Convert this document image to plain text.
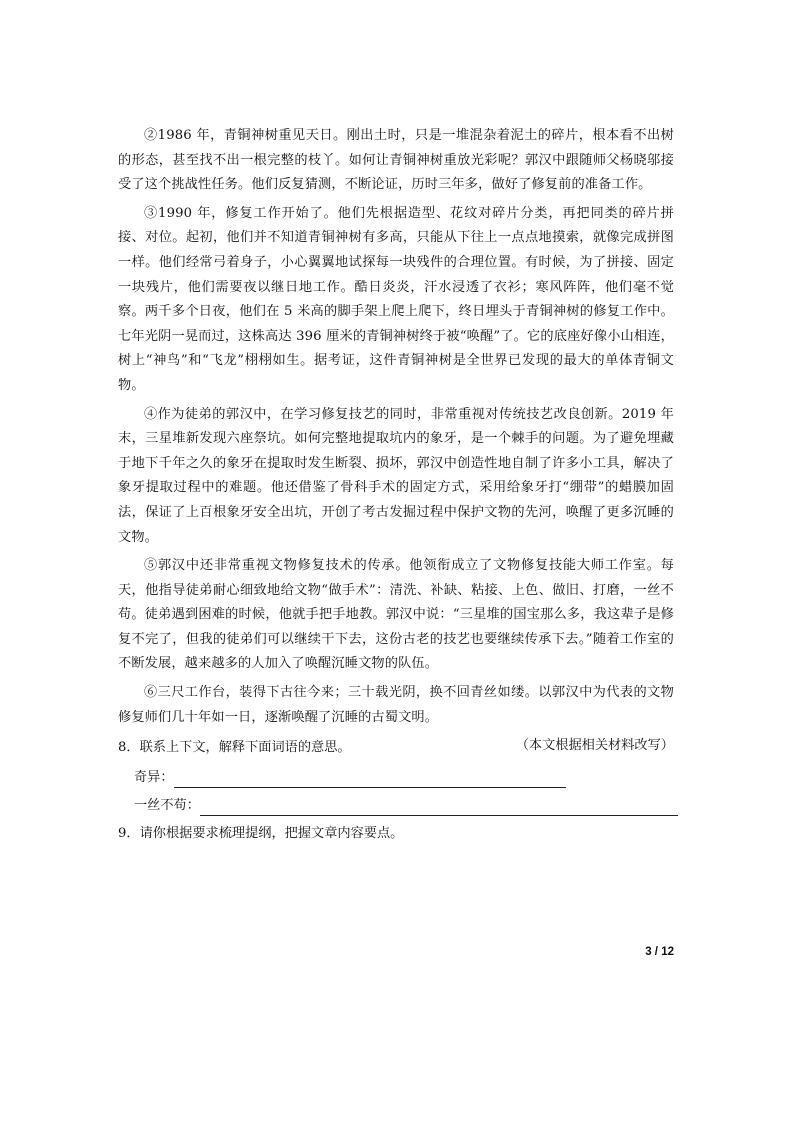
②1986 年，青铜神树重见天日。刚出土时，只是一堆混杂着泥土的碎片，根本看不出树的形态，甚至找不出一根完整的枝丫。如何让青铜神树重放光彩呢？郭汉中跟随师父杨晓邬接受了这个挑战性任务。他们反复猜测，不断论证，历时三年多，做好了修复前的准备工作。

③1990 年，修复工作开始了。他们先根据造型、花纹对碎片分类，再把同类的碎片拼接、对位。起初，他们并不知道青铜神树有多高，只能从下往上一点点地摸索，就像完成拼图一样。他们经常弓着身子，小心翼翼地试探每一块残件的合理位置。有时候，为了拼接、固定一块残片，他们需要夜以继日地工作。酷日炎炎，汗水浸透了衣衫；寒风阵阵，他们毫不觉察。两千多个日夜，他们在 5 米高的脚手架上爬上爬下，终日埋头于青铜神树的修复工作中。七年光阴一晃而过，这株高达 396 厘米的青铜神树终于被“唤醒”了。它的底座好像小山相连，树上“神鸟”和“飞龙”栩栩如生。据考证，这件青铜神树是全世界已发现的最大的单体青铜文物。

④作为徒弟的郭汉中，在学习修复技艺的同时，非常重视对传统技艺改良创新。2019 年末，三星堆新发现六座祭坑。如何完整地提取坑内的象牙，是一个棘手的问题。为了避免埋藏于地下千年之久的象牙在提取时发生断裂、损坏，郭汉中创造性地自制了许多小工具，解决了象牙提取过程中的难题。他还借鉴了骨科手术的固定方式，采用给象牙打“绷带”的蜡膜加固法，保证了上百根象牙安全出坑，开创了考古发掘过程中保护文物的先河，唤醒了更多沉睡的文物。

⑤郭汉中还非常重视文物修复技术的传承。他领衔成立了文物修复技能大师工作室。每天，他指导徒弟耐心细致地给文物“做手术”：清洗、补缺、粘接、上色、做旧、打磨，一丝不苟。徒弟遇到困难的时候，他就手把手地教。郭汉中说：“三星堆的国宝那么多，我这辈子是修复不完了，但我的徒弟们可以继续干下去，这份古老的技艺也要继续传承下去。”随着工作室的不断发展，越来越多的人加入了唤醒沉睡文物的队伍。

⑥三尺工作台，装得下古往今来；三十载光阴，换不回青丝如缕。以郭汉中为代表的文物修复师们几十年如一日，逐渐唤醒了沉睡的古蜀文明。

（本文根据相关材料改写）

8．联系上下文，解释下面词语的意思。

奇异：
一丝不苟：

9．请你根据要求梳理提纲，把握文章内容要点。

3 / 12
